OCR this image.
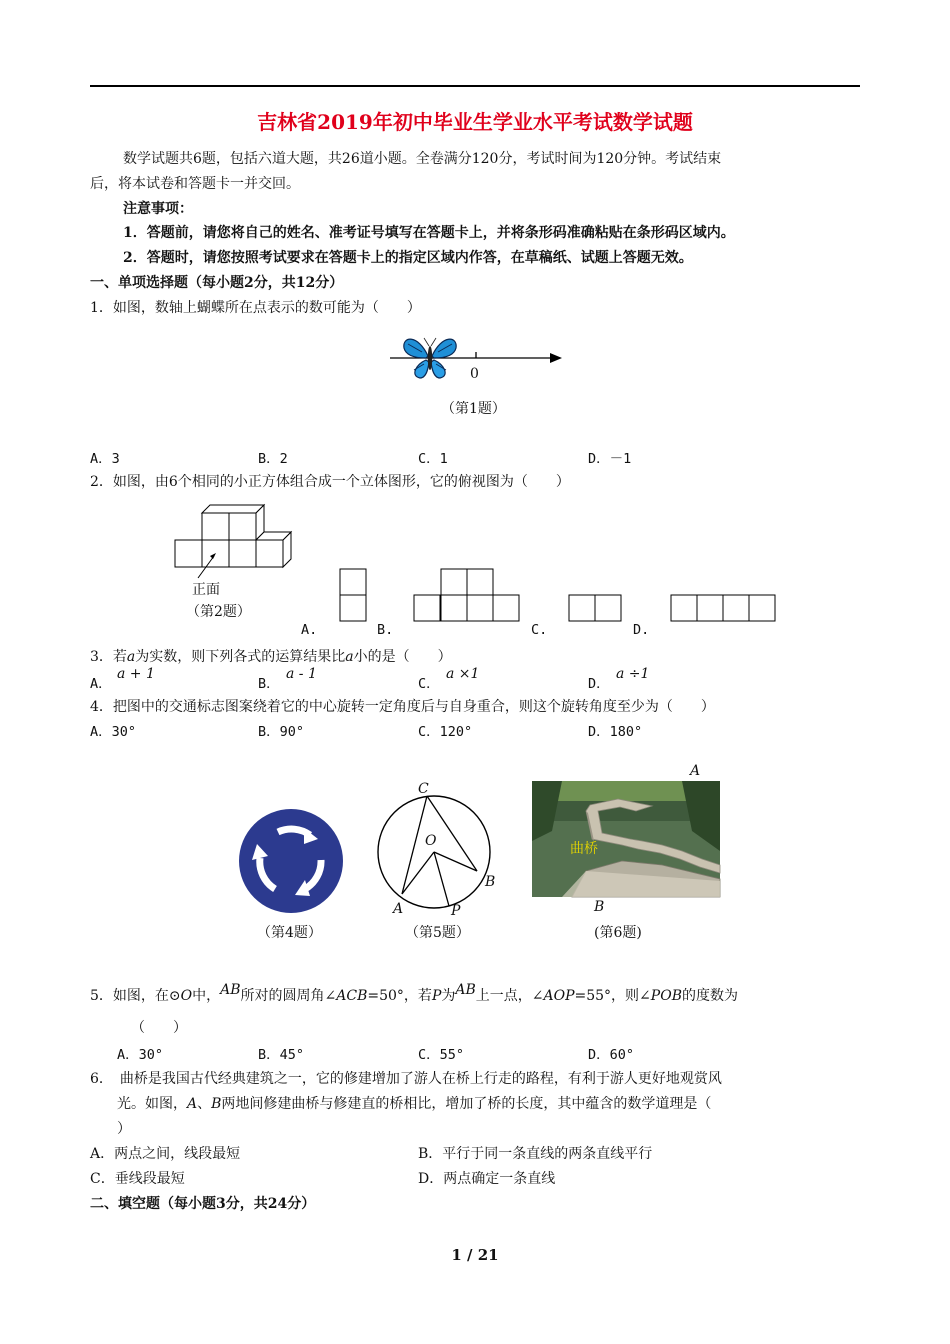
吉林省2019年初中毕业生学业水平考试数学试题
数学试题共6题，包括六道大题，共26道小题。全卷满分120分，考试时间为120分钟。考试结束
后，将本试卷和答题卡一并交回。
注意事项：
1．答题前，请您将自己的姓名、准考证号填写在答题卡上，并将条形码准确粘贴在条形码区域内。
2．答题时，请您按照考试要求在答题卡上的指定区域内作答，在草稿纸、试题上答题无效。
一、单项选择题（每小题2分，共12分）
1．如图，数轴上蝴蝶所在点表示的数可能为（　　）
0
（第1题）
A．3	B．2	C．1	D．－1
2．如图，由6个相同的小正方体组合成一个立体图形，它的俯视图为（　　）
正面
（第2题）
A.	B.	C.	D.
3．若a为实数，则下列各式的运算结果比a小的是（　　）
A．
a + 1
B．
a - 1
C．
a ×1
D．
a ÷1
4．把图中的交通标志图案绕着它的中心旋转一定角度后与自身重合，则这个旋转角度至少为（　　）
A．30°	B．90°	C．120°	D．180°
（第4题）
C
O
B
A	P
（第5题）
曲桥
A
B
(第6题)
5．如图，在⊙O中，AB所对的圆周角∠ACB=50°，若P为AB上一点，∠AOP=55°，则∠POB的度数为
（　　）
A．30°	B．45°	C．55°	D．60°
6．　曲桥是我国古代经典建筑之一，它的修建增加了游人在桥上行走的路程，有利于游人更好地观赏风
光。如图，A、B两地间修建曲桥与修建直的桥相比，增加了桥的长度，其中蕴含的数学道理是（
）
A．两点之间，线段最短	B．平行于同一条直线的两条直线平行
C．垂线段最短	D．两点确定一条直线
二、填空题（每小题3分，共24分）
1 / 21
